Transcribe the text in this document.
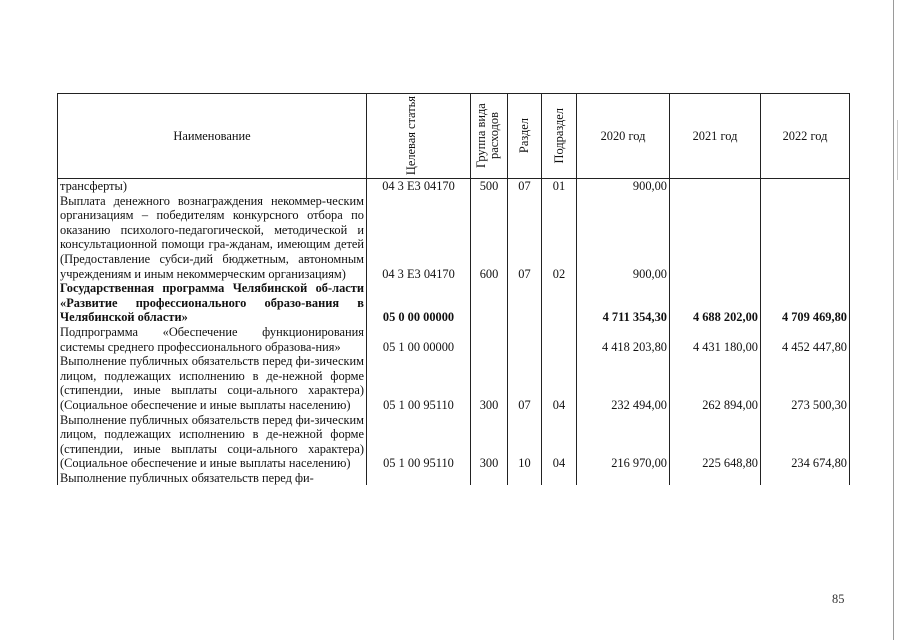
Наименование	Целевая статья	Группа вида расходов	Раздел	Подраздел	2020 год	2021 год	2022 год
трансферты)	04 3 Е3 04170	500	07	01	900,00		
Выплата денежного вознаграждения некоммер-ческим организациям – победителям конкурсного отбора по оказанию психолого-педагогической, методической и консультационной помощи гра-жданам, имеющим детей (Предоставление субси-дий бюджетным, автономным учреждениям и иным некоммерческим организациям)	04 3 Е3 04170	600	07	02	900,00		
Государственная программа Челябинской об-ласти «Развитие профессионального образо-вания в Челябинской области»	05 0 00 00000				4 711 354,30	4 688 202,00	4 709 469,80
Подпрограмма «Обеспечение функционирования системы среднего профессионального образова-ния»	05 1 00 00000				4 418 203,80	4 431 180,00	4 452 447,80
Выполнение публичных обязательств перед фи-зическим лицом, подлежащих исполнению в де-нежной форме (стипендии, иные выплаты соци-ального характера) (Социальное обеспечение и иные выплаты населению)	05 1 00 95110	300	07	04	232 494,00	262 894,00	273 500,30
Выполнение публичных обязательств перед фи-зическим лицом, подлежащих исполнению в де-нежной форме (стипендии, иные выплаты соци-ального характера) (Социальное обеспечение и иные выплаты населению)	05 1 00 95110	300	10	04	216 970,00	225 648,80	234 674,80
Выполнение публичных обязательств перед фи-							
85
